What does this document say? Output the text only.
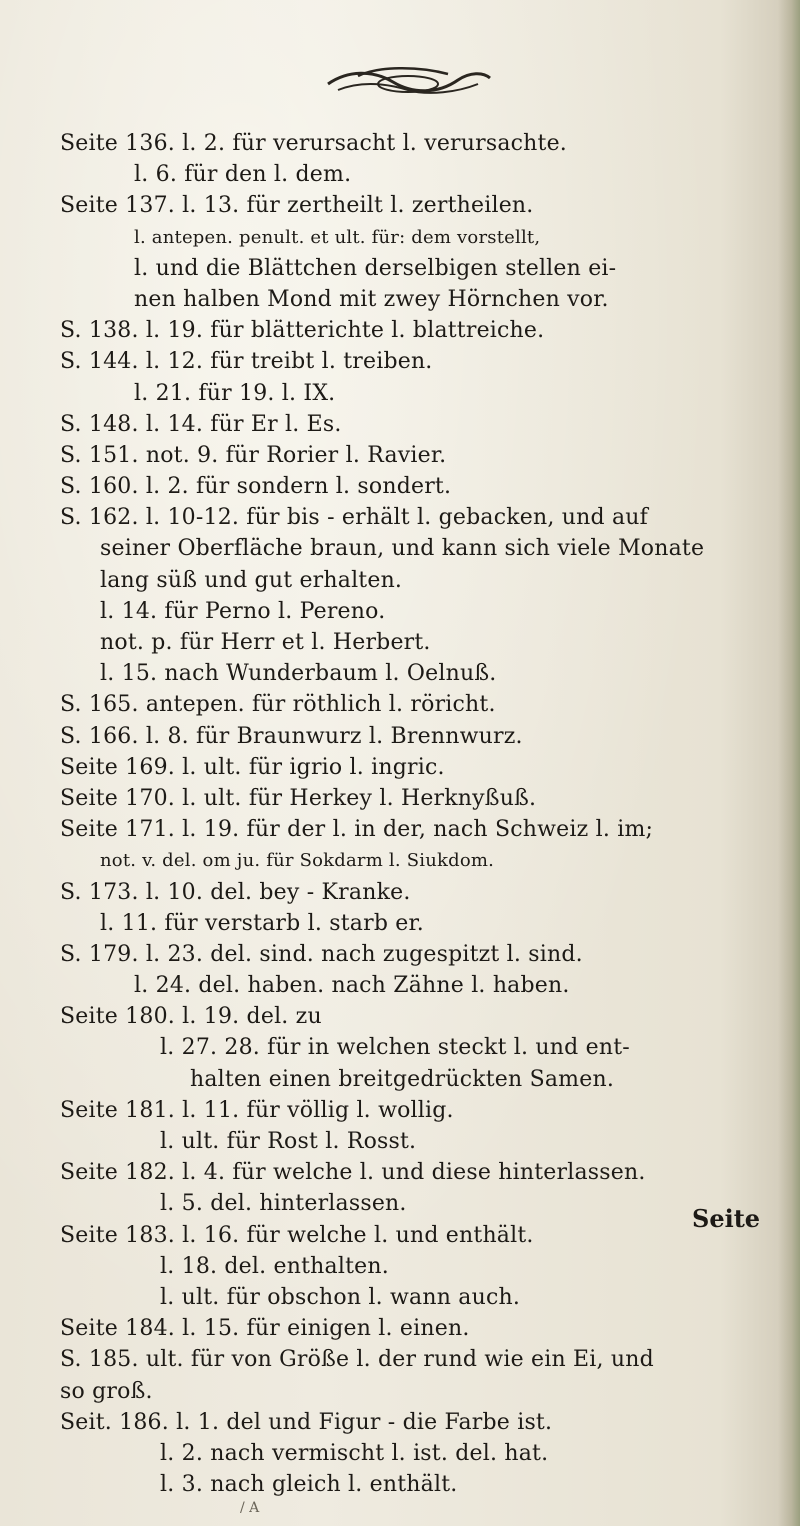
Seite 136. l. 2. für verursacht l. verursachte.
l. 6. für den l. dem.
Seite 137. l. 13. für zertheilt l. zertheilen.
l. antepen. penult. et ult. für: dem vorstellt,
l. und die Blättchen derselbigen stellen ei-
nen halben Mond mit zwey Hörnchen vor.
S. 138. l. 19. für blätterichte l. blattreiche.
S. 144. l. 12. für treibt l. treiben.
l. 21. für 19. l. IX.
S. 148. l. 14. für Er l. Es.
S. 151. not. 9. für Rorier l. Ravier.
S. 160. l. 2. für sondern l. sondert.
S. 162. l. 10-12. für bis - erhält l. gebacken, und auf
seiner Oberfläche braun, und kann sich viele Monate
lang süß und gut erhalten.
l. 14. für Perno l. Pereno.
not. p. für Herr et l. Herbert.
l. 15. nach Wunderbaum l. Oelnuß.
S. 165. antepen. für röthlich l. röricht.
S. 166. l. 8. für Braunwurz l. Brennwurz.
Seite 169. l. ult. für igrio l. ingric.
Seite 170. l. ult. für Herkey l. Herknyßuß.
Seite 171. l. 19. für der l. in der, nach Schweiz l. im;
not. v. del. om ju. für Sokdarm l. Siukdom.
S. 173. l. 10. del. bey - Kranke.
l. 11. für verstarb l. starb er.
S. 179. l. 23. del. sind. nach zugespitzt l. sind.
l. 24. del. haben. nach Zähne l. haben.
Seite 180. l. 19. del. zu
l. 27. 28. für in welchen steckt l. und ent-
halten einen breitgedrückten Samen.
Seite 181. l. 11. für völlig l. wollig.
l. ult. für Rost l. Rosst.
Seite 182. l. 4. für welche l. und diese hinterlassen.
l. 5. del. hinterlassen.
Seite 183. l. 16. für welche l. und enthält.
l. 18. del. enthalten.
l. ult. für obschon l. wann auch.
Seite 184. l. 15. für einigen l. einen.
S. 185. ult. für von Größe l. der rund wie ein Ei, und
so groß.
Seit. 186. l. 1. del und Figur - die Farbe ist.
l. 2. nach vermischt l. ist. del. hat.
l. 3. nach gleich l. enthält.
Seite
/ A
